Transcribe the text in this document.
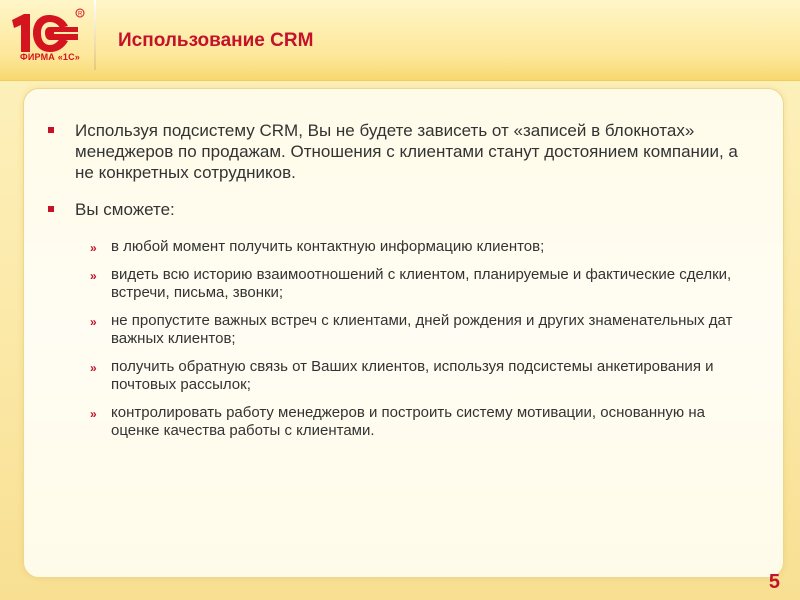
R
ФИРМА «1С»
Использование CRM
Используя подсистему CRM, Вы не будете зависеть от «записей в блокнотах» менеджеров по продажам. Отношения с клиентами станут достоянием компании, а не конкретных сотрудников.
Вы сможете:
» в любой момент получить контактную информацию клиентов;
» видеть всю историю взаимоотношений с клиентом, планируемые и фактические сделки, встречи, письма, звонки;
» не пропустите важных встреч с клиентами, дней рождения и других знаменательных дат важных клиентов;
» получить обратную связь от Ваших клиентов, используя подсистемы анкетирования и почтовых рассылок;
» контролировать работу менеджеров и построить систему мотивации, основанную на оценке качества работы с клиентами.
5
